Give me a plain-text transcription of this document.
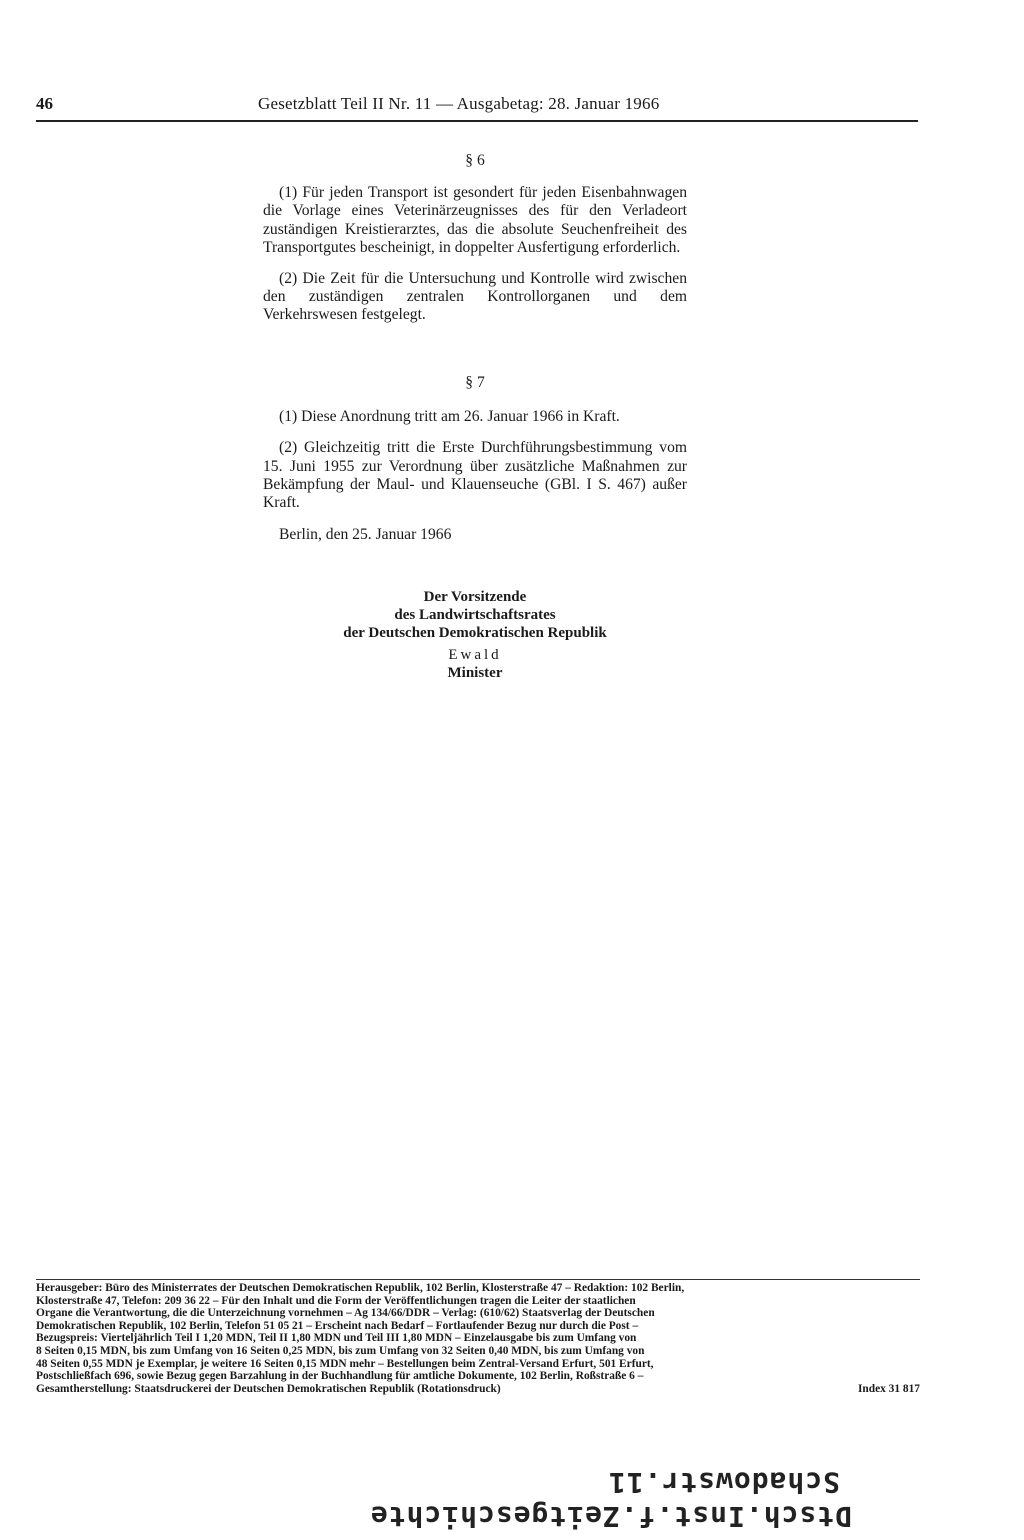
46	Gesetzblatt Teil II Nr. 11 — Ausgabetag: 28. Januar 1966

§ 6

(1) Für jeden Transport ist gesondert für jeden Eisenbahnwagen die Vorlage eines Veterinärzeugnisses des für den Verladeort zuständigen Kreistierarztes, das die absolute Seuchenfreiheit des Transportgutes bescheinigt, in doppelter Ausfertigung erforderlich.

(2) Die Zeit für die Untersuchung und Kontrolle wird zwischen den zuständigen zentralen Kontrollorganen und dem Verkehrswesen festgelegt.

§ 7

(1) Diese Anordnung tritt am 26. Januar 1966 in Kraft.

(2) Gleichzeitig tritt die Erste Durchführungsbestimmung vom 15. Juni 1955 zur Verordnung über zusätzliche Maßnahmen zur Bekämpfung der Maul- und Klauenseuche (GBl. I S. 467) außer Kraft.

Berlin, den 25. Januar 1966

Der Vorsitzende
des Landwirtschaftsrates
der Deutschen Demokratischen Republik
Ewald
Minister
Herausgeber: Büro des Ministerrates der Deutschen Demokratischen Republik, 102 Berlin, Klosterstraße 47 – Redaktion: 102 Berlin,
Klosterstraße 47, Telefon: 209 36 22 – Für den Inhalt und die Form der Veröffentlichungen tragen die Leiter der staatlichen
Organe die Verantwortung, die die Unterzeichnung vornehmen – Ag 134/66/DDR – Verlag: (610/62) Staatsverlag der Deutschen
Demokratischen Republik, 102 Berlin, Telefon 51 05 21 – Erscheint nach Bedarf – Fortlaufender Bezug nur durch die Post –
Bezugspreis: Vierteljährlich Teil I 1,20 MDN, Teil II 1,80 MDN und Teil III 1,80 MDN – Einzelausgabe bis zum Umfang von
8 Seiten 0,15 MDN, bis zum Umfang von 16 Seiten 0,25 MDN, bis zum Umfang von 32 Seiten 0,40 MDN, bis zum Umfang von
48 Seiten 0,55 MDN je Exemplar, je weitere 16 Seiten 0,15 MDN mehr – Bestellungen beim Zentral-Versand Erfurt, 501 Erfurt,
Postschließfach 696, sowie Bezug gegen Barzahlung in der Buchhandlung für amtliche Dokumente, 102 Berlin, Roßstraße 6 –
Index 31 817
Gesamtherstellung: Staatsdruckerei der Deutschen Demokratischen Republik (Rotationsdruck)
Schadowstr.11
Dtsch.Inst.f.Zeitgeschichte
